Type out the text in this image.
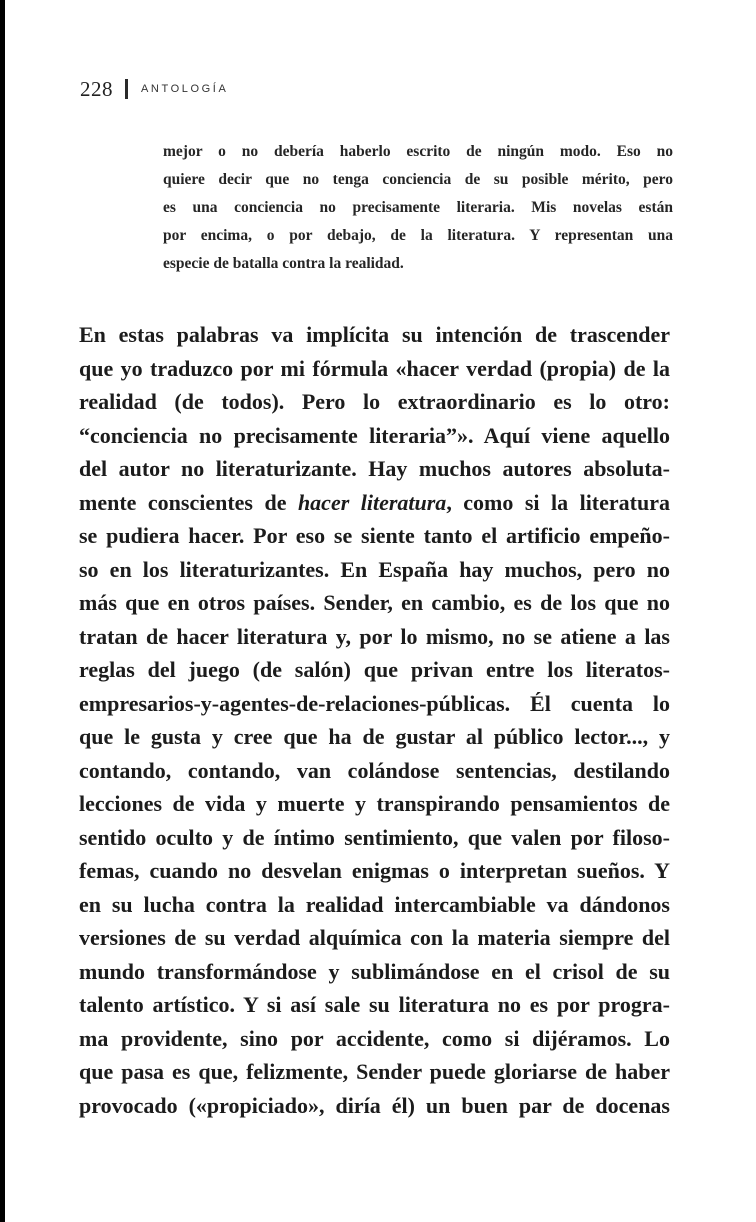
228	ANTOLOGÍA
mejor o no debería haberlo escrito de ningún modo. Eso no
quiere decir que no tenga conciencia de su posible mérito, pero
es una conciencia no precisamente literaria. Mis novelas están
por encima, o por debajo, de la literatura. Y representan una
especie de batalla contra la realidad.
En estas palabras va implícita su intención de trascender
que yo traduzco por mi fórmula «hacer verdad (propia) de la
realidad (de todos). Pero lo extraordinario es lo otro:
“conciencia no precisamente literaria”». Aquí viene aquello
del autor no literaturizante. Hay muchos autores absoluta-
mente conscientes de hacer literatura, como si la literatura
se pudiera hacer. Por eso se siente tanto el artificio empeño-
so en los literaturizantes. En España hay muchos, pero no
más que en otros países. Sender, en cambio, es de los que no
tratan de hacer literatura y, por lo mismo, no se atiene a las
reglas del juego (de salón) que privan entre los literatos-
empresarios-y-agentes-de-relaciones-públicas. Él cuenta lo
que le gusta y cree que ha de gustar al público lector..., y
contando, contando, van colándose sentencias, destilando
lecciones de vida y muerte y transpirando pensamientos de
sentido oculto y de íntimo sentimiento, que valen por filoso-
femas, cuando no desvelan enigmas o interpretan sueños. Y
en su lucha contra la realidad intercambiable va dándonos
versiones de su verdad alquímica con la materia siempre del
mundo transformándose y sublimándose en el crisol de su
talento artístico. Y si así sale su literatura no es por progra-
ma providente, sino por accidente, como si dijéramos. Lo
que pasa es que, felizmente, Sender puede gloriarse de haber
provocado («propiciado», diría él) un buen par de docenas
